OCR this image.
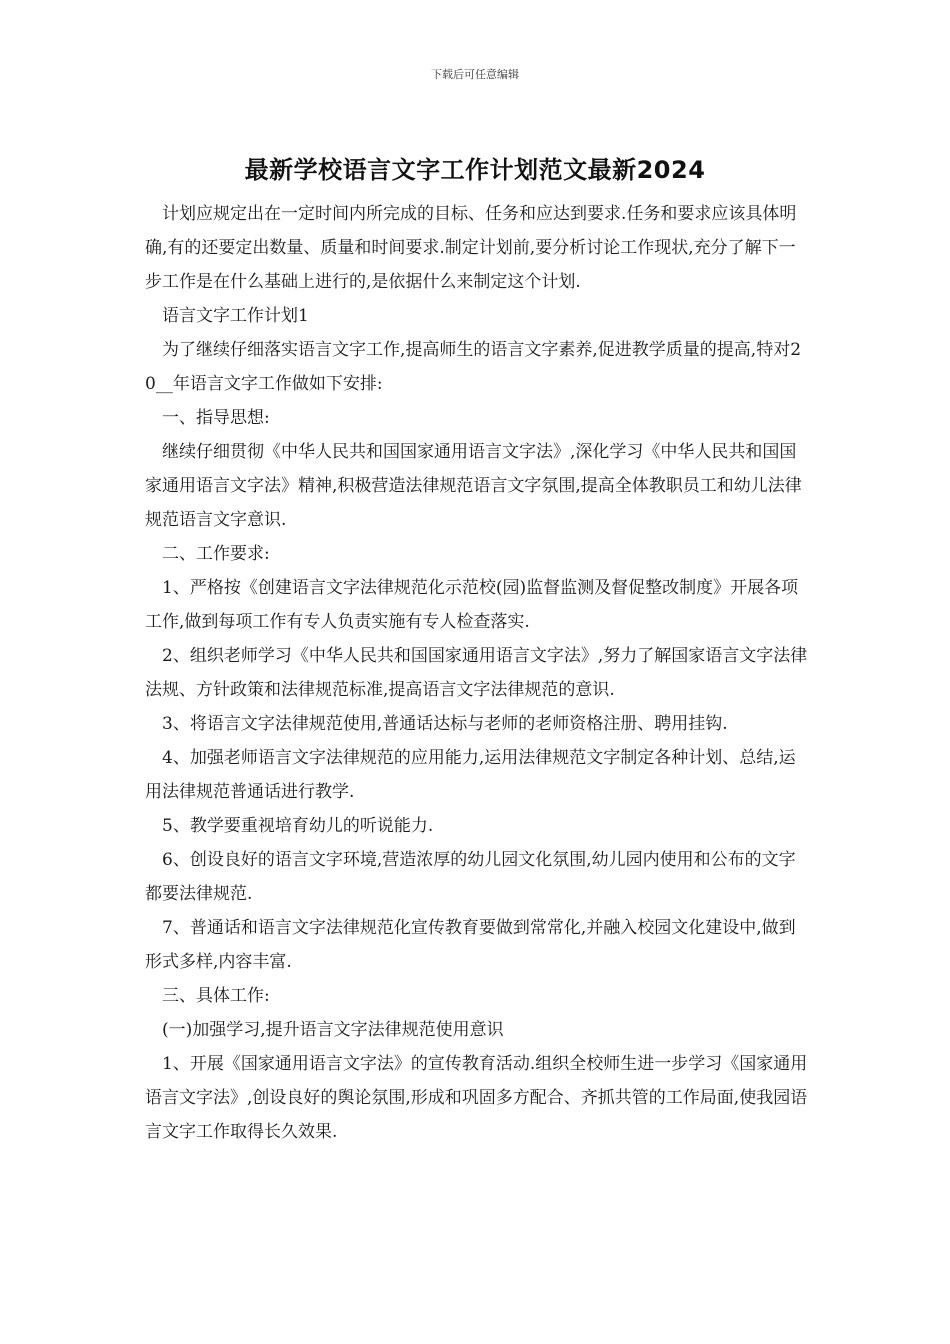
下载后可任意编辑
最新学校语言文字工作计划范文最新2024

计划应规定出在一定时间内所完成的目标、任务和应达到要求.任务和要求应该具体明确,有的还要定出数量、质量和时间要求.制定计划前,要分析讨论工作现状,充分了解下一步工作是在什么基础上进行的,是依据什么来制定这个计划.

语言文字工作计划1

为了继续仔细落实语言文字工作,提高师生的语言文字素养,促进教学质量的提高,特对20__年语言文字工作做如下安排:

一、指导思想:

继续仔细贯彻《中华人民共和国国家通用语言文字法》,深化学习《中华人民共和国国家通用语言文字法》精神,积极营造法律规范语言文字氛围,提高全体教职员工和幼儿法律规范语言文字意识.

二、工作要求:

1、严格按《创建语言文字法律规范化示范校(园)监督监测及督促整改制度》开展各项工作,做到每项工作有专人负责实施有专人检查落实.

2、组织老师学习《中华人民共和国国家通用语言文字法》,努力了解国家语言文字法律法规、方针政策和法律规范标准,提高语言文字法律规范的意识.

3、将语言文字法律规范使用,普通话达标与老师的老师资格注册、聘用挂钩.

4、加强老师语言文字法律规范的应用能力,运用法律规范文字制定各种计划、总结,运用法律规范普通话进行教学.

5、教学要重视培育幼儿的听说能力.

6、创设良好的语言文字环境,营造浓厚的幼儿园文化氛围,幼儿园内使用和公布的文字都要法律规范.

7、普通话和语言文字法律规范化宣传教育要做到常常化,并融入校园文化建设中,做到形式多样,内容丰富.

三、具体工作:

(一)加强学习,提升语言文字法律规范使用意识

1、开展《国家通用语言文字法》的宣传教育活动.组织全校师生进一步学习《国家通用语言文字法》,创设良好的舆论氛围,形成和巩固多方配合、齐抓共管的工作局面,使我园语言文字工作取得长久效果.
